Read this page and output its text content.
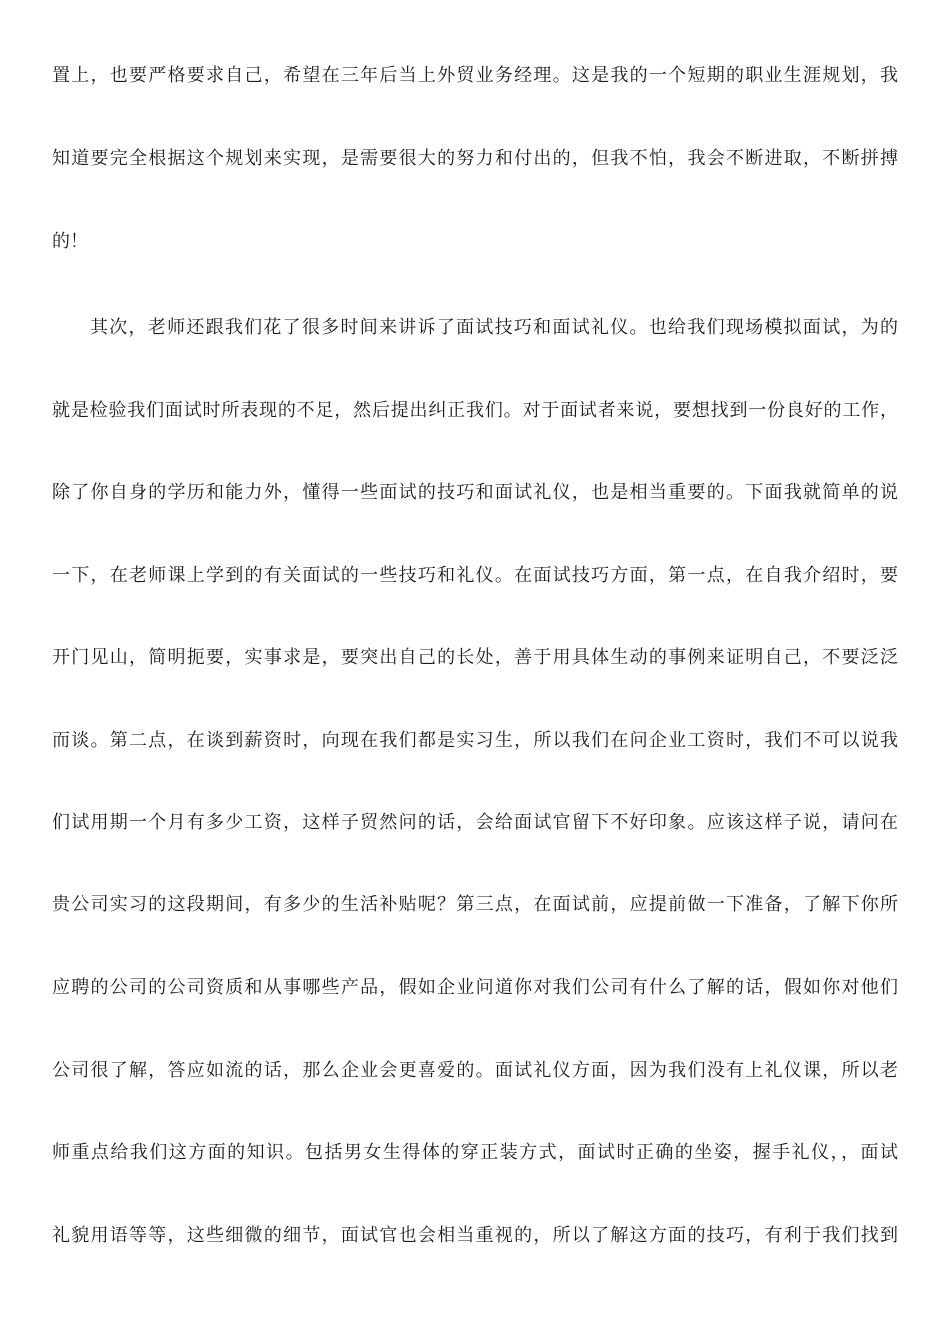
置上，也要严格要求自己，希望在三年后当上外贸业务经理。这是我的一个短期的职业生涯规划，我
知道要完全根据这个规划来实现，是需要很大的努力和付出的，但我不怕，我会不断进取，不断拼搏
的！
其次，老师还跟我们花了很多时间来讲诉了面试技巧和面试礼仪。也给我们现场模拟面试，为的
就是检验我们面试时所表现的不足，然后提出纠正我们。对于面试者来说，要想找到一份良好的工作，
除了你自身的学历和能力外，懂得一些面试的技巧和面试礼仪，也是相当重要的。下面我就简单的说
一下，在老师课上学到的有关面试的一些技巧和礼仪。在面试技巧方面，第一点，在自我介绍时，要
开门见山，简明扼要，实事求是，要突出自己的长处，善于用具体生动的事例来证明自己，不要泛泛
而谈。第二点，在谈到薪资时，向现在我们都是实习生，所以我们在问企业工资时，我们不可以说我
们试用期一个月有多少工资，这样子贸然问的话，会给面试官留下不好印象。应该这样子说，请问在
贵公司实习的这段期间，有多少的生活补贴呢？第三点，在面试前，应提前做一下准备，了解下你所
应聘的公司的公司资质和从事哪些产品，假如企业问道你对我们公司有什么了解的话，假如你对他们
公司很了解，答应如流的话，那么企业会更喜爱的。面试礼仪方面，因为我们没有上礼仪课，所以老
师重点给我们这方面的知识。包括男女生得体的穿正装方式，面试时正确的坐姿，握手礼仪，，面试
礼貌用语等等，这些细微的细节，面试官也会相当重视的，所以了解这方面的技巧，有利于我们找到
